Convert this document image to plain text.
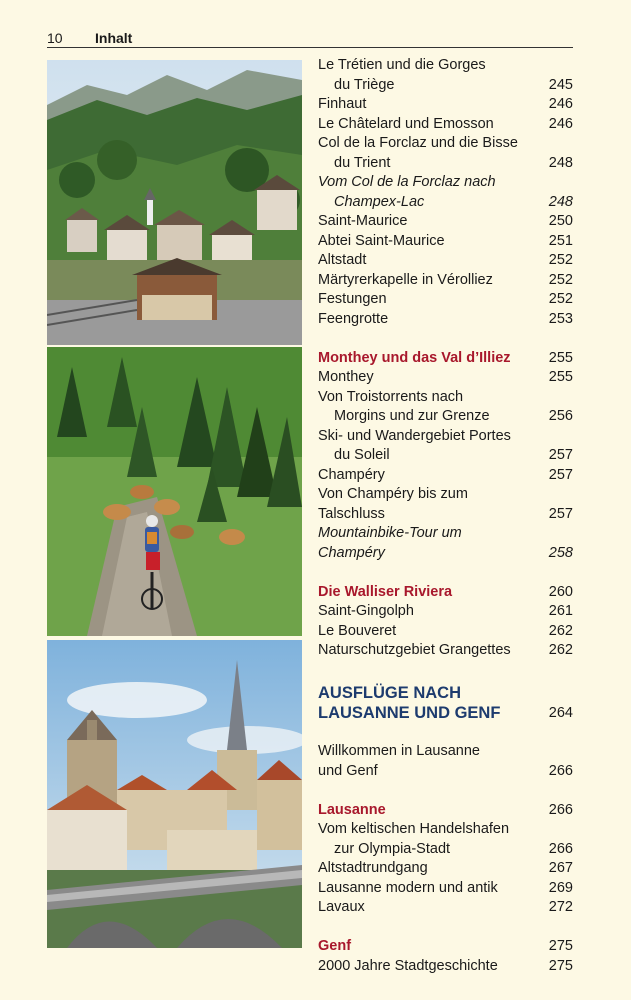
10 Inhalt
Le Trétien und die Gorges
du Triège	245
Finhaut	246
Le Châtelard und Emosson	246
Col de la Forclaz und die Bisse
du Trient	248
Vom Col de la Forclaz nach
Champex-Lac	248
Saint-Maurice	250
Abtei Saint-Maurice	251
Altstadt	252
Märtyrerkapelle in Vérolliez	252
Festungen	252
Feengrotte	253
Monthey und das Val d’Illiez	255
Monthey	255
Von Troistorrents nach
Morgins und zur Grenze	256
Ski- und Wandergebiet Portes
du Soleil	257
Champéry	257
Von Champéry bis zum Talschluss	257
Mountainbike-Tour um Champéry	258
Die Walliser Riviera	260
Saint-Gingolph	261
Le Bouveret	262
Naturschutzgebiet Grangettes	262
AUSFLÜGE NACH
LAUSANNE UND GENF	264
Willkommen in Lausanne
und Genf	266
Lausanne	266
Vom keltischen Handelshafen
zur Olympia-Stadt	266
Altstadtrundgang	267
Lausanne modern und antik	269
Lavaux	272
Genf	275
2000 Jahre Stadtgeschichte	275
